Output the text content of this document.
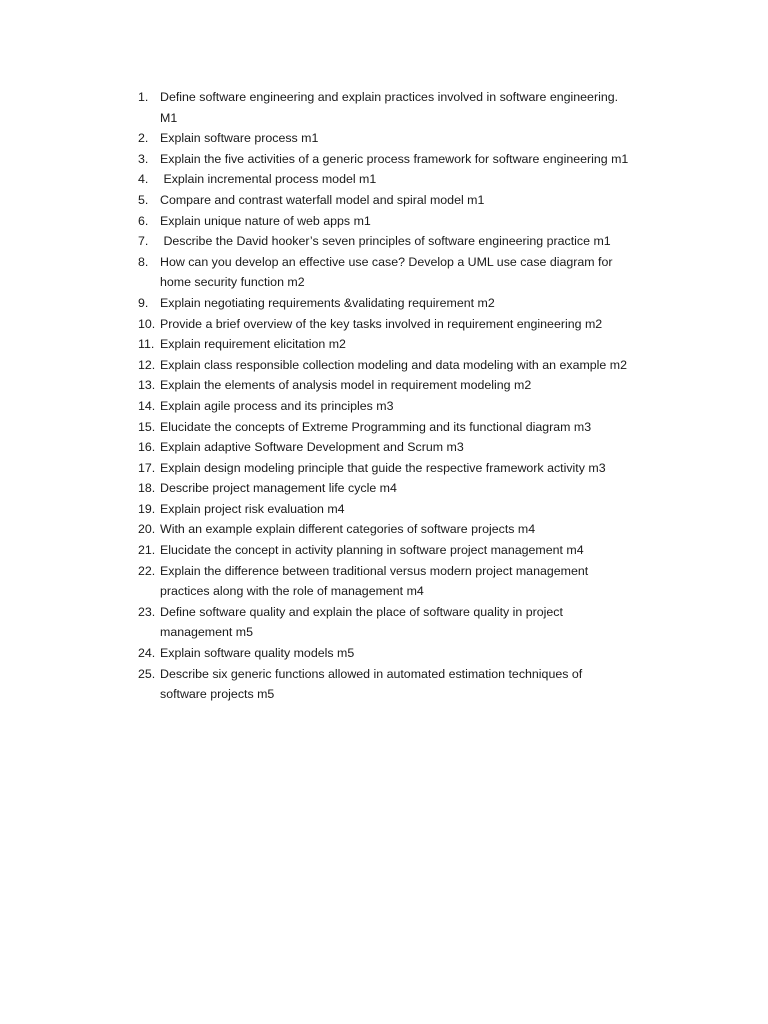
1. Define software engineering and explain practices involved in software engineering.
M1
2. Explain software process m1
3. Explain the five activities of a generic process framework for software engineering m1
4. Explain incremental process model m1
5. Compare and contrast waterfall model and spiral model m1
6. Explain unique nature of web apps m1
7. Describe the David hooker’s seven principles of software engineering practice m1
8. How can you develop an effective use case? Develop a UML use case diagram for
home security function m2
9. Explain negotiating requirements &validating requirement m2
10. Provide a brief overview of the key tasks involved in requirement engineering m2
11. Explain requirement elicitation m2
12. Explain class responsible collection modeling and data modeling with an example m2
13. Explain the elements of analysis model in requirement modeling m2
14. Explain agile process and its principles m3
15. Elucidate the concepts of Extreme Programming and its functional diagram m3
16. Explain adaptive Software Development and Scrum m3
17. Explain design modeling principle that guide the respective framework activity m3
18. Describe project management life cycle m4
19. Explain project risk evaluation m4
20. With an example explain different categories of software projects m4
21. Elucidate the concept in activity planning in software project management m4
22. Explain the difference between traditional versus modern project management
practices along with the role of management m4
23. Define software quality and explain the place of software quality in project
management m5
24. Explain software quality models m5
25. Describe six generic functions allowed in automated estimation techniques of
software projects m5
